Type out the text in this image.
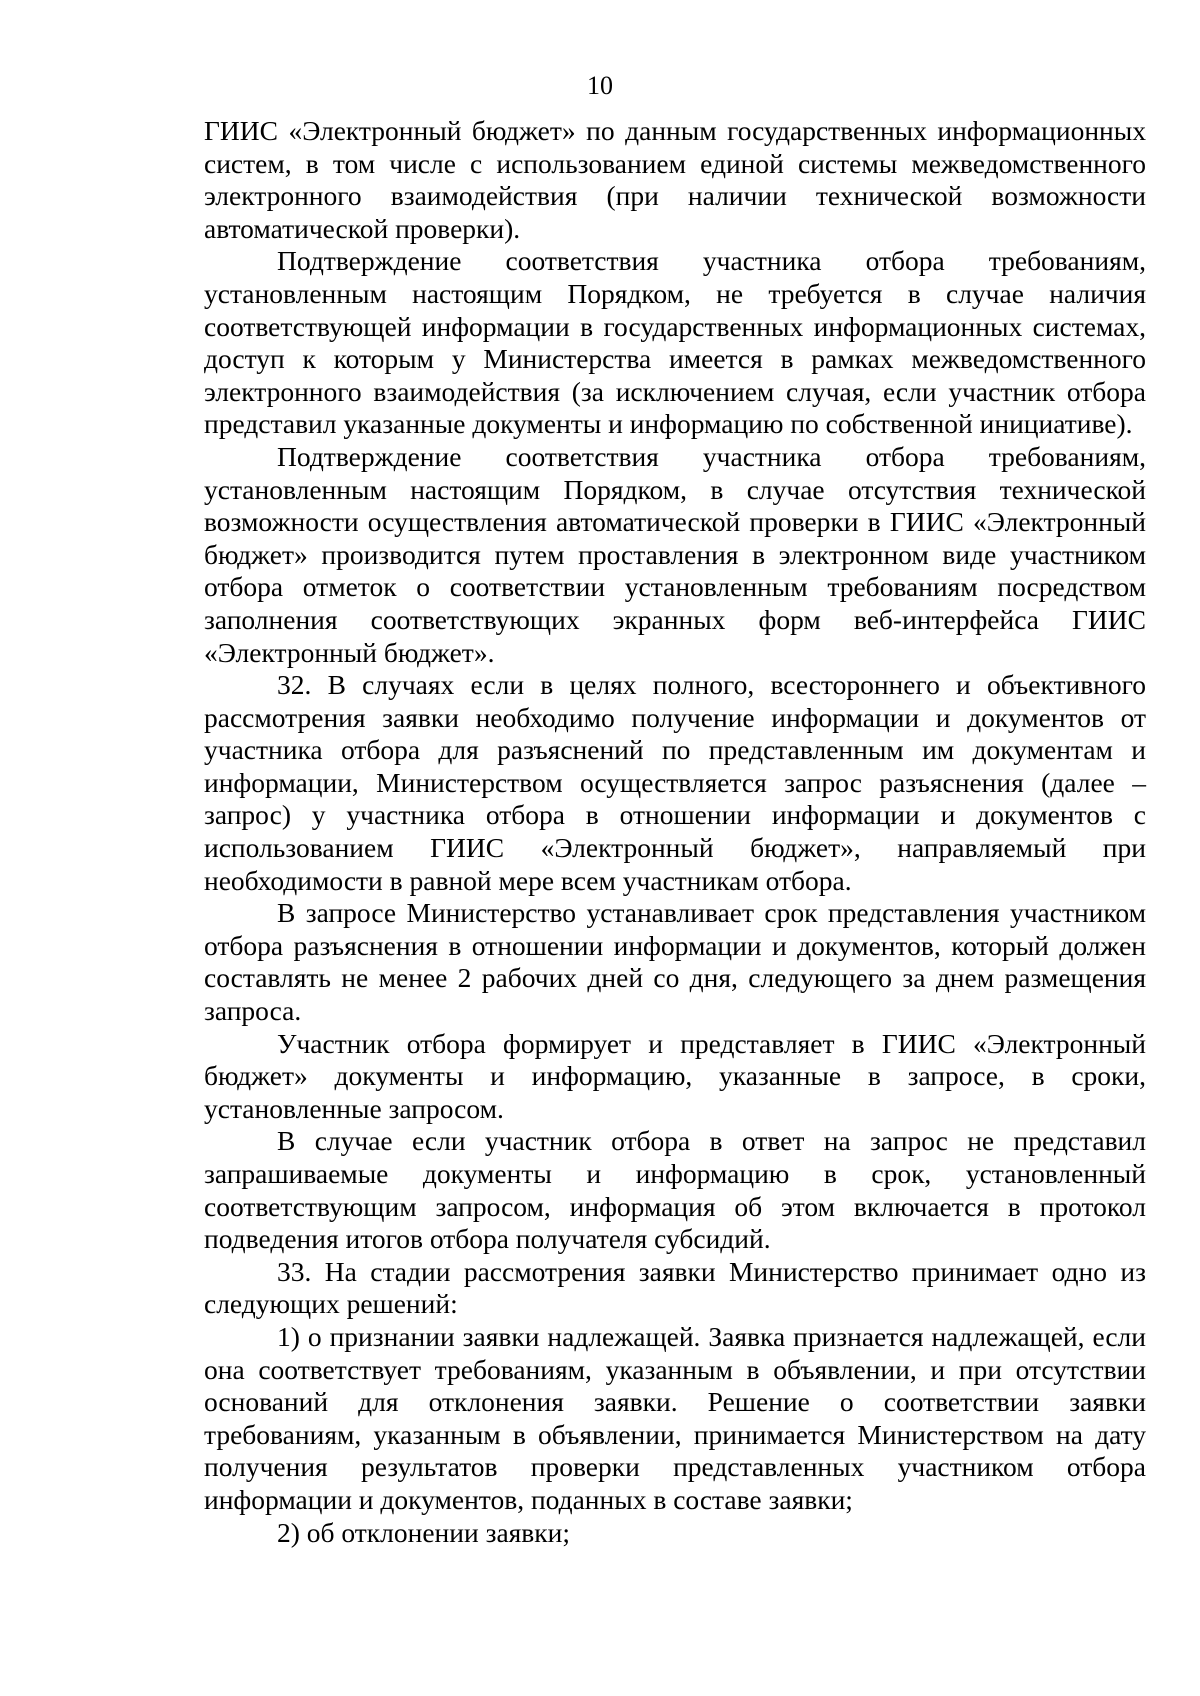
10

ГИИС «Электронный бюджет» по данным государственных информационных систем, в том числе с использованием единой системы межведомственного электронного взаимодействия (при наличии технической возможности автоматической проверки).

Подтверждение соответствия участника отбора требованиям, установленным настоящим Порядком, не требуется в случае наличия соответствующей информации в государственных информационных системах, доступ к которым у Министерства имеется в рамках межведомственного электронного взаимодействия (за исключением случая, если участник отбора представил указанные документы и информацию по собственной инициативе).

Подтверждение соответствия участника отбора требованиям, установленным настоящим Порядком, в случае отсутствия технической возможности осуществления автоматической проверки в ГИИС «Электронный бюджет» производится путем проставления в электронном виде участником отбора отметок о соответствии установленным требованиям посредством заполнения соответствующих экранных форм веб-интерфейса ГИИС «Электронный бюджет».

32. В случаях если в целях полного, всестороннего и объективного рассмотрения заявки необходимо получение информации и документов от участника отбора для разъяснений по представленным им документам и информации, Министерством осуществляется запрос разъяснения (далее – запрос) у участника отбора в отношении информации и документов с использованием ГИИС «Электронный бюджет», направляемый при необходимости в равной мере всем участникам отбора.

В запросе Министерство устанавливает срок представления участником отбора разъяснения в отношении информации и документов, который должен составлять не менее 2 рабочих дней со дня, следующего за днем размещения запроса.

Участник отбора формирует и представляет в ГИИС «Электронный бюджет» документы и информацию, указанные в запросе, в сроки, установленные запросом.

В случае если участник отбора в ответ на запрос не представил запрашиваемые документы и информацию в срок, установленный соответствующим запросом, информация об этом включается в протокол подведения итогов отбора получателя субсидий.

33. На стадии рассмотрения заявки Министерство принимает одно из следующих решений:

1) о признании заявки надлежащей. Заявка признается надлежащей, если она соответствует требованиям, указанным в объявлении, и при отсутствии оснований для отклонения заявки. Решение о соответствии заявки требованиям, указанным в объявлении, принимается Министерством на дату получения результатов проверки представленных участником отбора информации и документов, поданных в составе заявки;

2) об отклонении заявки;
